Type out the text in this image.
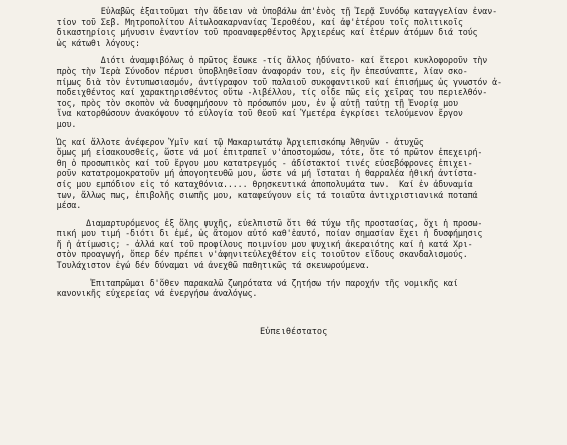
Εὐλαβῶς ἐξαιτοῦμαι τὴν ἄδειαν νὰ ὑποβάλω ἀπ'ἐνὸς τῇ Ἱερᾷ Συνόδῳ καταγγελίαν ἐναν-
τίον τοῦ Σεβ. Μητροπολίτου Αἰτωλοακαρνανίας Ἱεροθέου, καί ἀφ'ἑτέρου τοῖς πολιτικοῖς
δικαστηρίοις μήνυσιν ἐναντίον τοῦ προαναφερθέντος Ἀρχιερέως καί ἑτέρων ἀτόμων διά τούς
ὡς κάτωθι λόγους:
Διότι ἀναμφιβόλως ὁ πρῶτος ἔσωκε -τίς ἄλλος ἠδύνατο- καί ἕτεροι κυκλοφοροῦν τὴν
πρὸς τὴν Ἱερὰ Σύνοδον πέρυσι ὑποβληθεῖσαν ἀναφοράν του, εἰς ἣν ἐπεσύναπτε, λίαν σκο-
πίμως διὰ τὸν ἐντυπωσιασμόν, ἀντίγραφον τοῦ παλαιοῦ συκοφαντικοῦ καί ἐπισήμως ὡς γνωστόν ἀ-
ποδειχθέντος καί χαρακτηρισθέντος οὕτω -λιβέλλου, τίς οἶδε πῶς εἰς χεῖρας του περιελθόν-
τος, πρὸς τὸν σκοπὸν νὰ δυσφημήσουν τὸ πρόσωπόν μου, ἐν ᾧ αὐτῇ ταύτῃ τῇ Ἐνορίᾳ μου
ἵνα κατορθώσουν ἀνακόψουν τό εὐλογία τοῦ Θεοῦ καί Ὑμετέρα ἐγκρίσει τελούμενον ἔργον
μου.
Ὡς καί ἄλλοτε ἀνέφερον Ὑμῖν καί τῷ Μακαριωτάτῳ Ἀρχιεπισκόπῳ Ἀθηνῶν - ἀτυχῶς
ὅμως μή εἰσακουσθείς, ὥστε νά μοί ἐπιτραπεῖ ν'ἀποστομώσω, τότε, ὅτε τό πρῶτον ἐπεχειρή-
θη ὁ προσωπικὸς καί τοῦ ἔργου μου κατατρεγμός - ἀδίστακτοί τινές εὐσεβόφρονες ἐπιχει-
ροῦν κατατρομοκρατοῦν μή ἀπογοητευθῶ μου, ὥστε νά μή ἴσταται ἡ θαρραλέα ἠθική ἀντίστα-
σίς μου εμπόδιον εἰς τό καταχθόνια..... θρησκευτικά ἀποπολυμάτα των.  Καί ἐν ἀδυναμία
των, ἄλλως πως, ἐπιβολῆς σιωπῆς μου, καταφεύγουν εἰς τά τοιαῦτα ἀντιχριστιανικά ποταπά
μέσα.
Διαμαρτυρόμενος ἐξ ὅλης ψυχῆς, εὐελπιστῶ ὅτι θά τύχω τῆς προστασίας, ὄχι ἡ προσω-
πική μου τιμή -διότι δι ἐμέ, ὡς ἄτομον αὐτό καθ'ἑαυτό, ποίαν σημασίαν ἔχει ἡ δυσφήμησις
ἤ ἡ ἀτίμωσις; - ἀλλά καί τοῦ προφίλους ποιμνίου μου ψυχική ἀκεραιότης καί ἡ κατά Χρι-
στὸν προαγωγή, ὅπερ δέν πρέπει ν'ἀφηνιτεὐλεχθέτον εἰς τοιοῦτον εἴδους σκανδαλισμούς.
Τουλάχιστον ἐγώ δέν δύναμαι νά ἀνεχθῶ παθητικῶς τά σκευωρούμενα.
Ἐπιταπρῶμαι δ'ὅθεν παρακαλῶ ζωηρότατα νά ζητήσω τήν παροχήν τῆς νομικῆς καί
κανονικῆς εὐχερείας νά ἐνεργήσω ἀναλόγως.
Εὐπειθέστατος
